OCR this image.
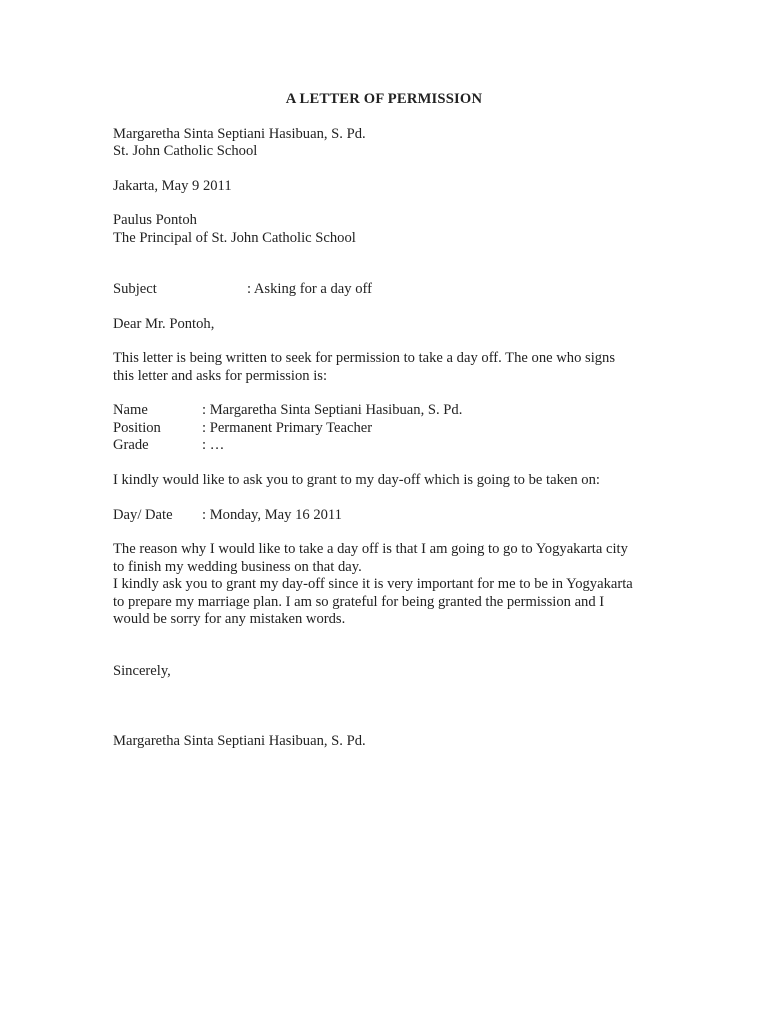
A LETTER OF PERMISSION
Margaretha Sinta Septiani Hasibuan, S. Pd.
St. John Catholic School
Jakarta, May 9 2011
Paulus Pontoh
The Principal of St. John Catholic School
Subject	: Asking for a day off
Dear Mr. Pontoh,
This letter is being written to seek for permission to take a day off. The one who signs
this letter and asks for permission is:
Name	: Margaretha Sinta Septiani Hasibuan, S. Pd.
Position	: Permanent Primary Teacher
Grade	: …
I kindly would like to ask you to grant to my day-off which is going to be taken on:
Day/ Date : Monday, May 16 2011
The reason why I would like to take a day off is that I am going to go to Yogyakarta city
to finish my wedding business on that day.
I kindly ask you to grant my day-off since it is very important for me to be in Yogyakarta
to prepare my marriage plan. I am so grateful for being granted the permission and I
would be sorry for any mistaken words.
Sincerely,
Margaretha Sinta Septiani Hasibuan, S. Pd.
